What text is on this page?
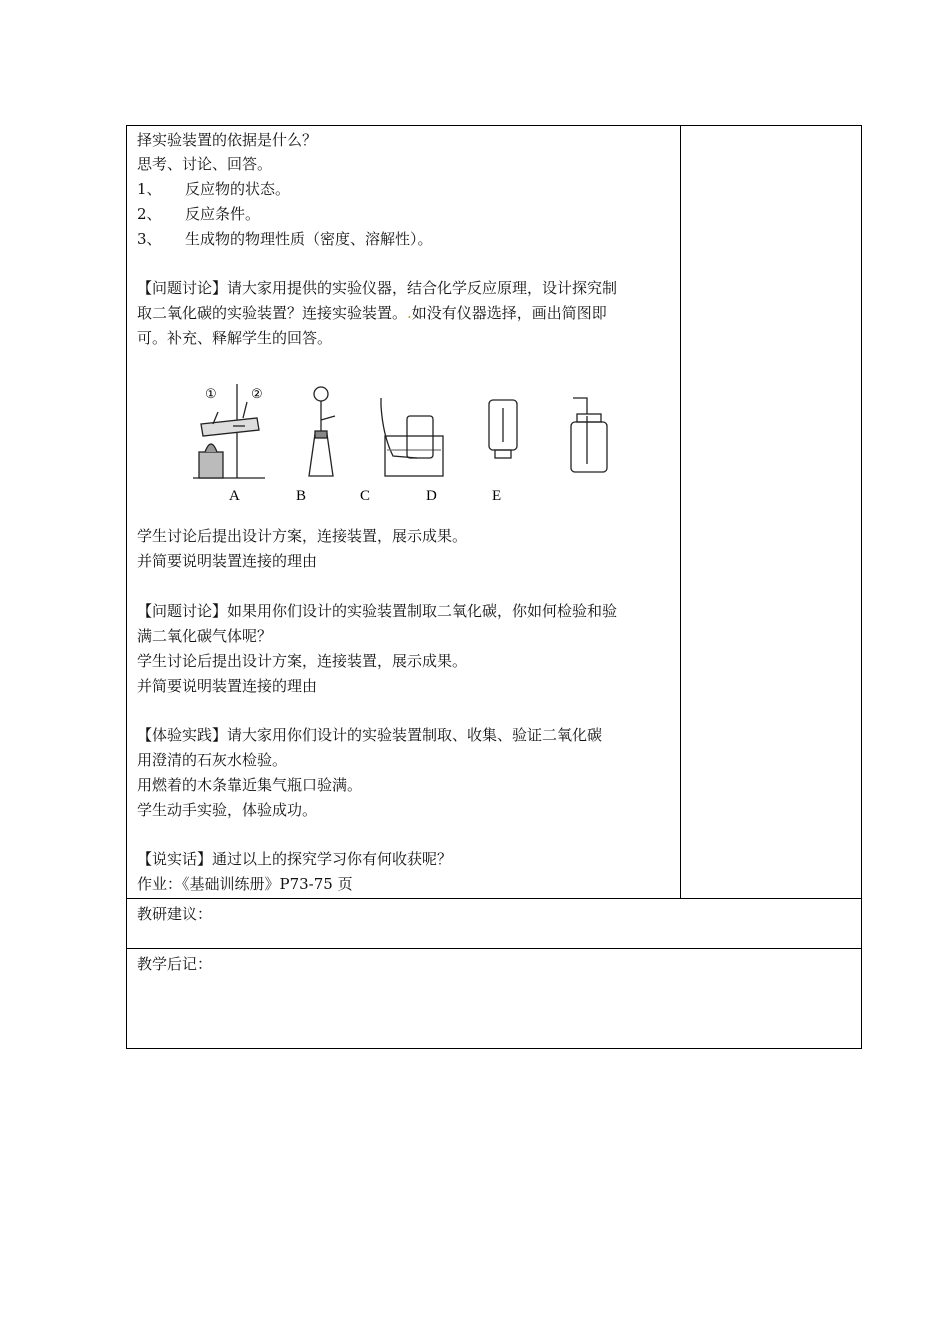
择实验装置的依据是什么？
思考、讨论、回答。
1、 反应物的状态。
2、 反应条件。
3、 生成物的物理性质（密度、溶解性）。
【问题讨论】请大家用提供的实验仪器，结合化学反应原理，设计探究制
取二氧化碳的实验装置？连接实验装置。.如没有仪器选择，画出简图即
可。补充、释解学生的回答。
①	②
A	B	C	D	E
学生讨论后提出设计方案，连接装置，展示成果。
并简要说明装置连接的理由
【问题讨论】如果用你们设计的实验装置制取二氧化碳，你如何检验和验
满二氧化碳气体呢？
学生讨论后提出设计方案，连接装置，展示成果。
并简要说明装置连接的理由
【体验实践】请大家用你们设计的实验装置制取、收集、验证二氧化碳
用澄清的石灰水检验。
用燃着的木条靠近集气瓶口验满。
学生动手实验，体验成功。
【说实话】通过以上的探究学习你有何收获呢？
作业：《基础训练册》P73-75 页
教研建议：
教学后记：
